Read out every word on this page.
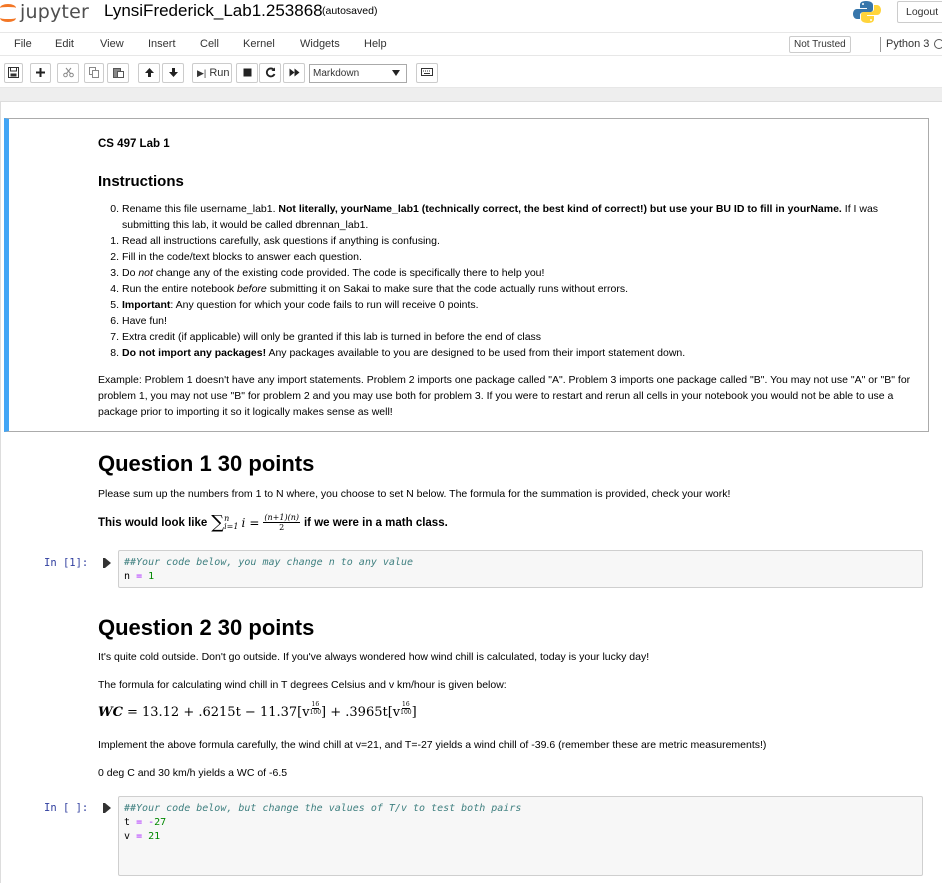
jupyter LynsiFrederick_Lab1.253868 (autosaved)	Logout
File Edit View Insert Cell Kernel Widgets Help	Not Trusted	Python 3
▶| Run	Markdown
CS 497 Lab 1
Instructions
0. Rename this file username_lab1. Not literally, yourName_lab1 (technically correct, the best kind of correct!) but use your BU ID to fill in yourName. If I was submitting this lab, it would be called dbrennan_lab1.
1. Read all instructions carefully, ask questions if anything is confusing.
2. Fill in the code/text blocks to answer each question.
3. Do not change any of the existing code provided. The code is specifically there to help you!
4. Run the entire notebook before submitting it on Sakai to make sure that the code actually runs without errors.
5. Important: Any question for which your code fails to run will receive 0 points.
6. Have fun!
7. Extra credit (if applicable) will only be granted if this lab is turned in before the end of class
8. Do not import any packages! Any packages available to you are designed to be used from their import statement down.
Example: Problem 1 doesn't have any import statements. Problem 2 imports one package called "A". Problem 3 imports one package called "B". You may not use "A" or "B" for problem 1, you may not use "B" for problem 2 and you may use both for problem 3. If you were to restart and rerun all cells in your notebook you would not be able to use a package prior to importing it so it logically makes sense as well!
Question 1 30 points
Please sum up the numbers from 1 to N where, you choose to set N below. The formula for the summation is provided, check your work!
This would look like ∑ n
i=1 $i = \frac{(n+1)(n)}{2}$ if we were in a math class.
In [1]:	##Your code below, you may change n to any value
n = 1
Question 2 30 points
It's quite cold outside. Don't go outside. If you've always wondered how wind chill is calculated, today is your lucky day!
The formula for calculating wind chill in T degrees Celsius and v km/hour is given below:
WC = 13.12 + .6215t − 11.37[v
16
100 ] + .3965t[v
16
100 ]
Implement the above formula carefully, the wind chill at v=21, and T=-27 yields a wind chill of -39.6 (remember these are metric measurements!)
0 deg C and 30 km/h yields a WC of -6.5
In [ ]:	##Your code below, but change the values of T/v to test both pairs
t = -27
v = 21
